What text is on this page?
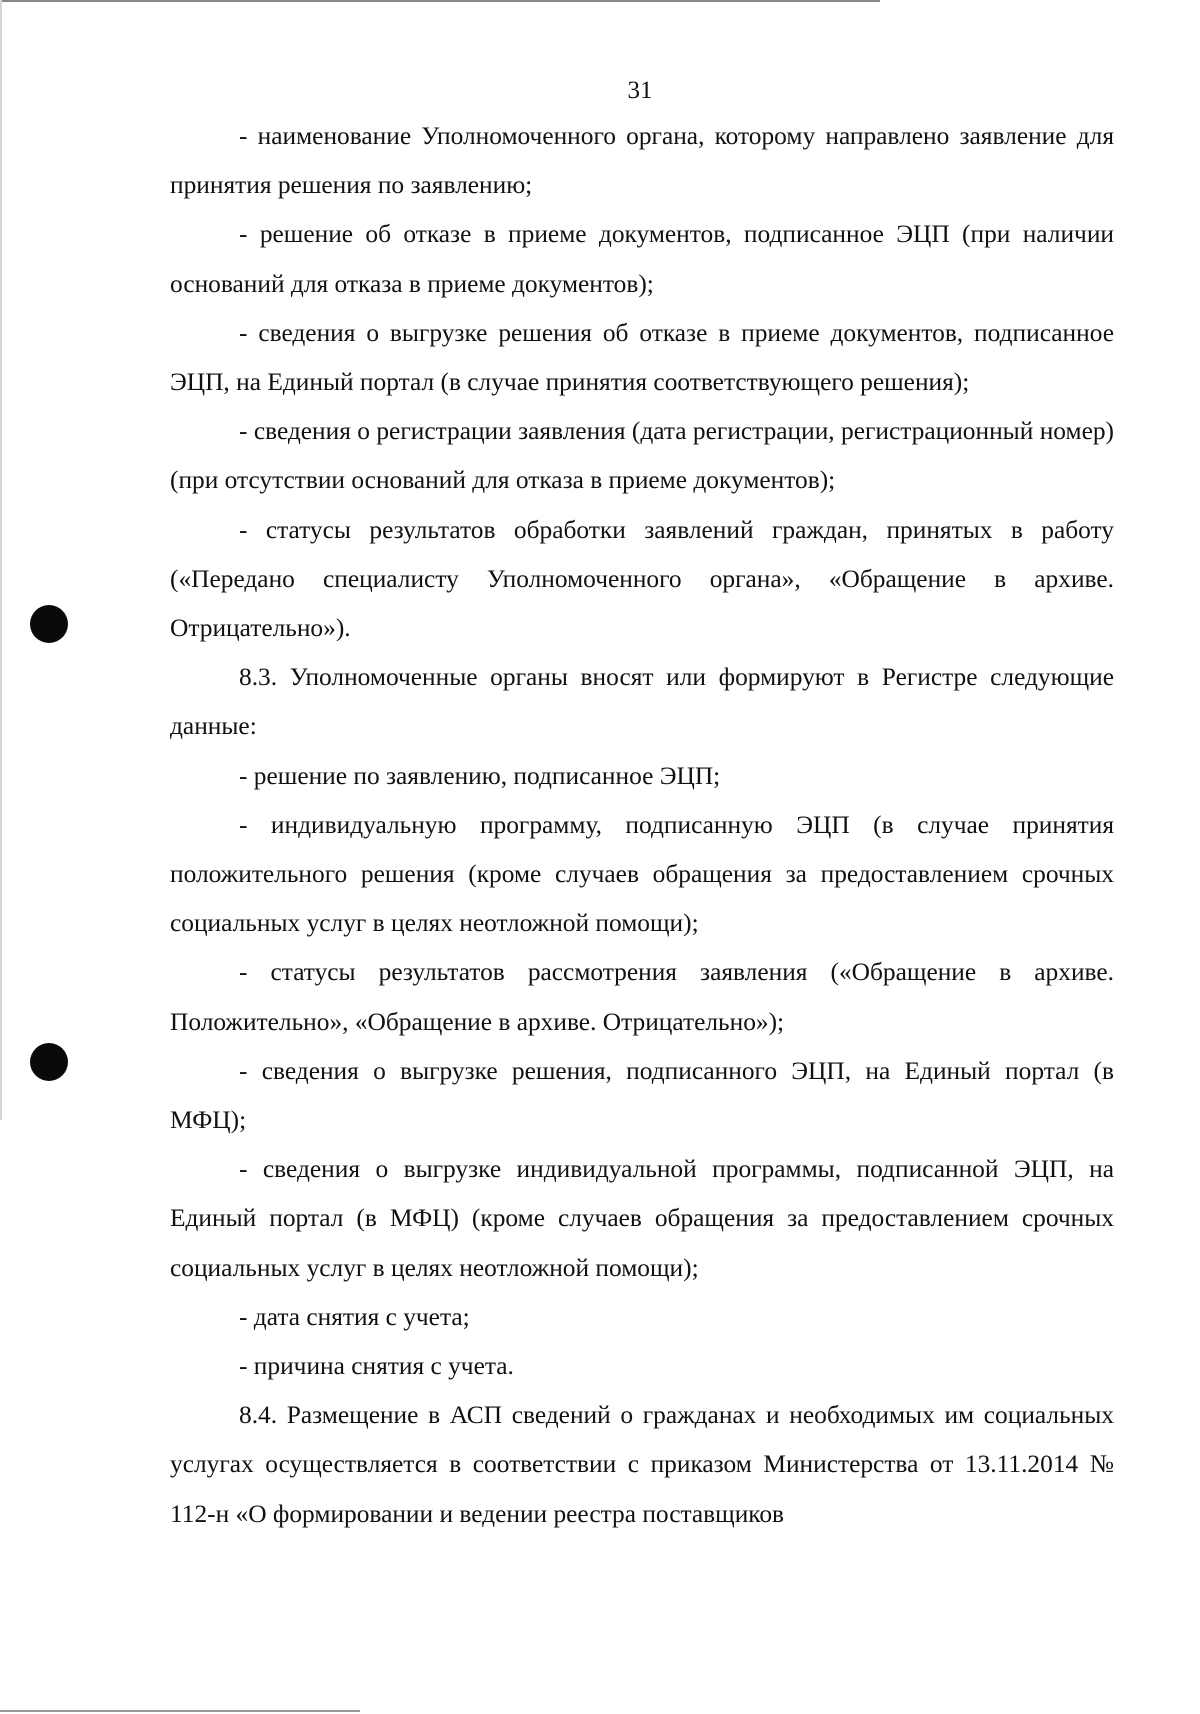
31

- наименование Уполномоченного органа, которому направлено заявление для принятия решения по заявлению;

- решение об отказе в приеме документов, подписанное ЭЦП (при наличии оснований для отказа в приеме документов);

- сведения о выгрузке решения об отказе в приеме документов, подписанное ЭЦП, на Единый портал (в случае принятия соответствующего решения);

- сведения о регистрации заявления (дата регистрации, регистрационный номер) (при отсутствии оснований для отказа в приеме документов);

- статусы результатов обработки заявлений граждан, принятых в работу («Передано специалисту Уполномоченного органа», «Обращение в архиве. Отрицательно»).

8.3. Уполномоченные органы вносят или формируют в Регистре следующие данные:

- решение по заявлению, подписанное ЭЦП;

- индивидуальную программу, подписанную ЭЦП (в случае принятия положительного решения (кроме случаев обращения за предоставлением срочных социальных услуг в целях неотложной помощи);

- статусы результатов рассмотрения заявления («Обращение в архиве. Положительно», «Обращение в архиве. Отрицательно»);

- сведения о выгрузке решения, подписанного ЭЦП, на Единый портал (в МФЦ);

- сведения о выгрузке индивидуальной программы, подписанной ЭЦП, на Единый портал (в МФЦ) (кроме случаев обращения за предоставлением срочных социальных услуг в целях неотложной помощи);

- дата снятия с учета;

- причина снятия с учета.

8.4. Размещение в АСП сведений о гражданах и необходимых им социальных услугах осуществляется в соответствии с приказом Министерства от 13.11.2014 № 112-н «О формировании и ведении реестра поставщиков
